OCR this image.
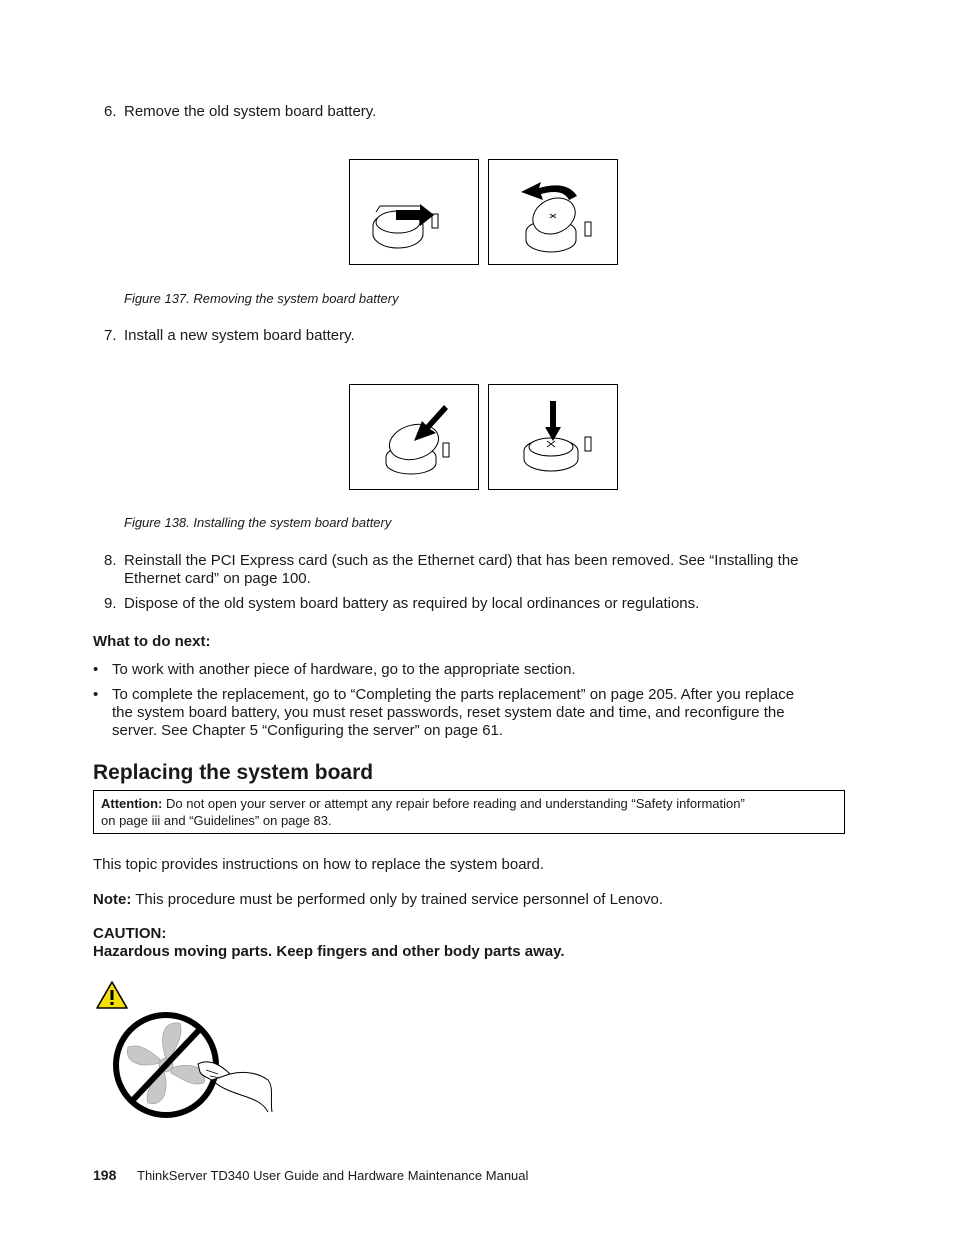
6. Remove the old system board battery.
Figure 137. Removing the system board battery
7. Install a new system board battery.
Figure 138. Installing the system board battery
8. Reinstall the PCI Express card (such as the Ethernet card) that has been removed. See “Installing the
Ethernet card” on page 100.
9. Dispose of the old system board battery as required by local ordinances or regulations.
What to do next:
• To work with another piece of hardware, go to the appropriate section.
• To complete the replacement, go to “Completing the parts replacement” on page 205. After you replace
the system board battery, you must reset passwords, reset system date and time, and reconfigure the
server. See Chapter 5 “Configuring the server” on page 61.
Replacing the system board
Attention: Do not open your server or attempt any repair before reading and understanding “Safety information”
on page iii and “Guidelines” on page 83.
This topic provides instructions on how to replace the system board.
Note: This procedure must be performed only by trained service personnel of Lenovo.
CAUTION:
Hazardous moving parts. Keep fingers and other body parts away.
198 ThinkServer TD340 User Guide and Hardware Maintenance Manual
